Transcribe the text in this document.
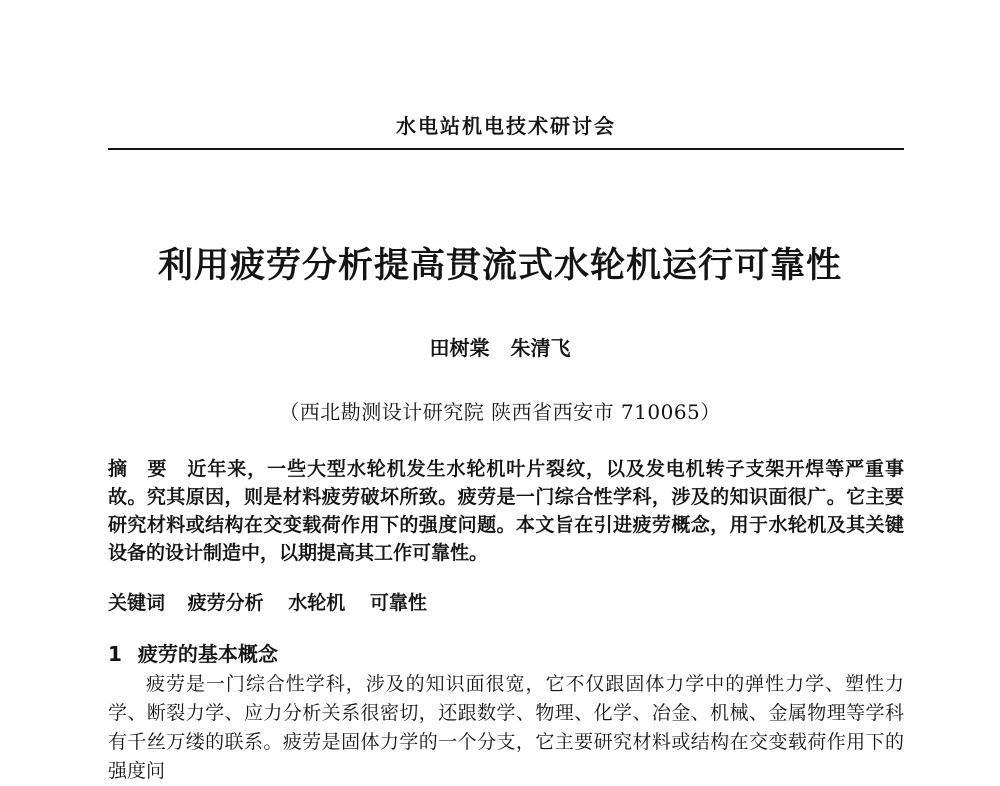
水电站机电技术研讨会
利用疲劳分析提高贯流式水轮机运行可靠性
田树棠 朱清飞
（西北勘测设计研究院 陕西省西安市 710065）

摘 要 近年来，一些大型水轮机发生水轮机叶片裂纹，以及发电机转子支架开焊等严重事故。究其原因，则是材料疲劳破坏所致。疲劳是一门综合性学科，涉及的知识面很广。它主要研究材料或结构在交变载荷作用下的强度问题。本文旨在引进疲劳概念，用于水轮机及其关键设备的设计制造中，以期提高其工作可靠性。

关键词 疲劳分析 水轮机 可靠性
1 疲劳的基本概念

疲劳是一门综合性学科，涉及的知识面很宽，它不仅跟固体力学中的弹性力学、塑性力学、断裂力学、应力分析关系很密切，还跟数学、物理、化学、冶金、机械、金属物理等学科有千丝万缕的联系。疲劳是固体力学的一个分支，它主要研究材料或结构在交变载荷作用下的强度问
